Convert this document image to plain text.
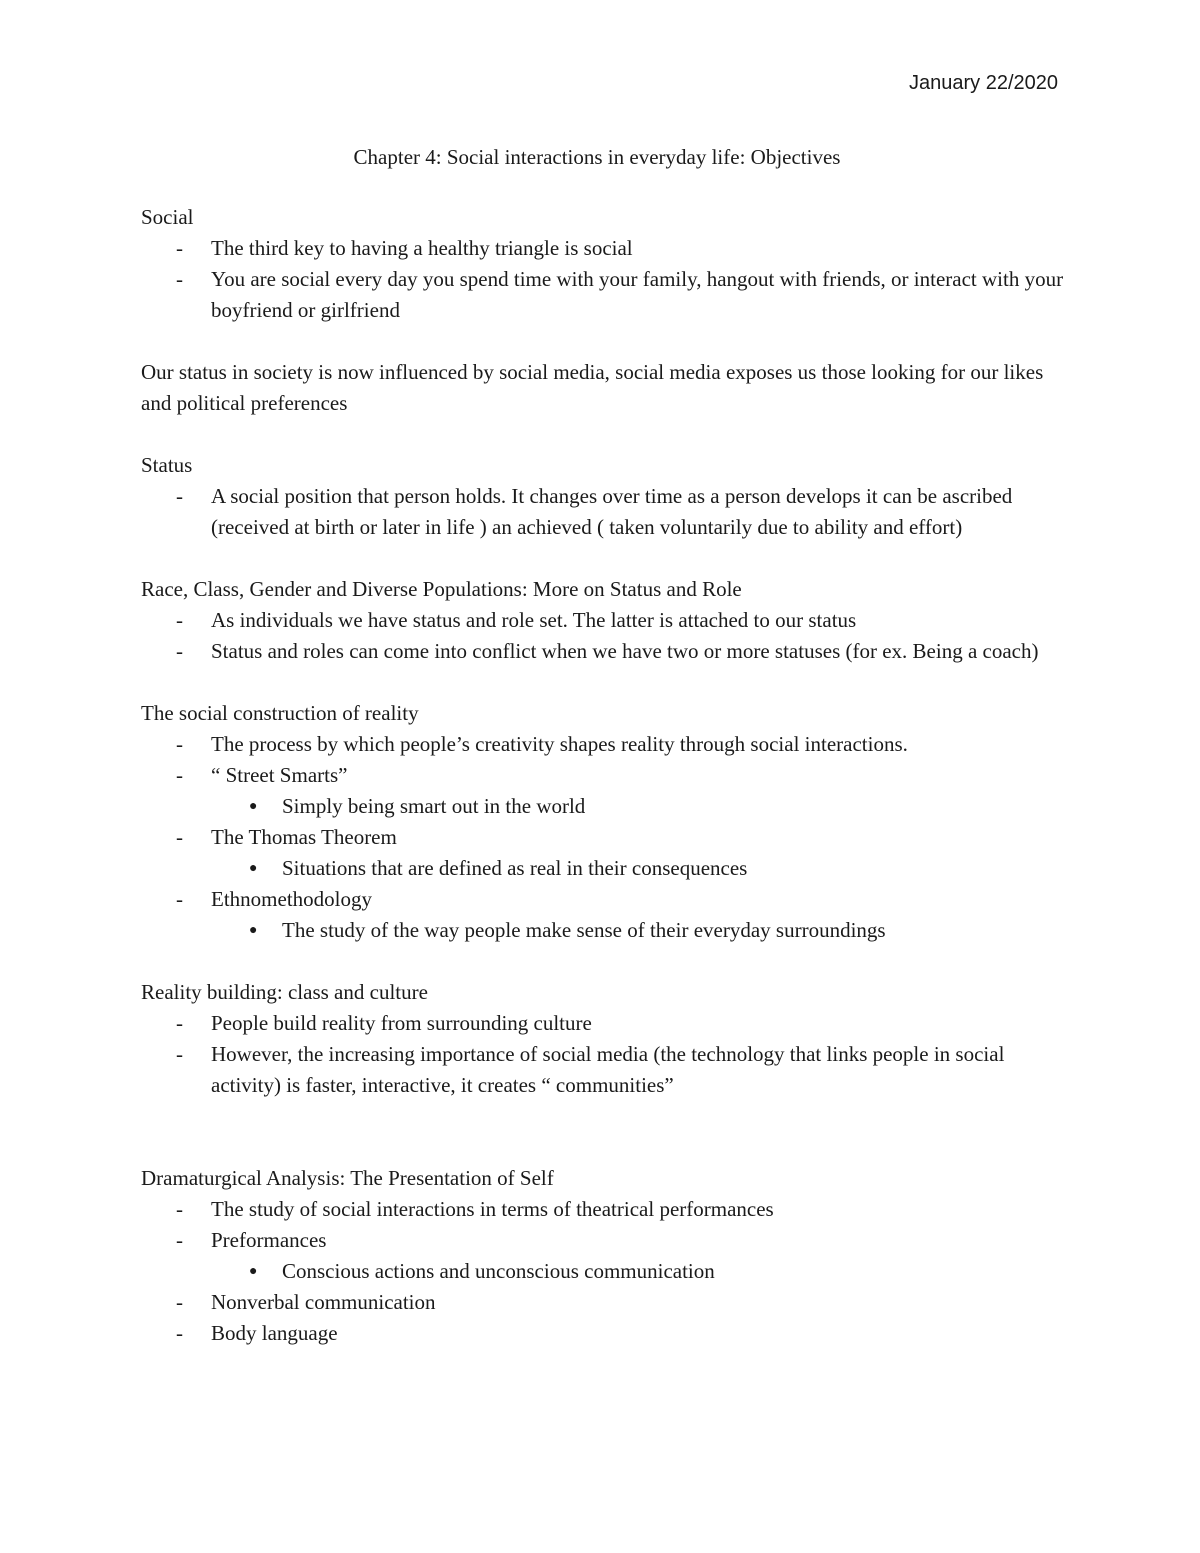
January 22/2020
Chapter 4: Social interactions in everyday life: Objectives
Social
- The third key to having a healthy triangle is social
- You are social every day you spend time with your family, hangout with friends, or interact with your boyfriend or girlfriend
Our status in society is now influenced by social media, social media exposes us those looking for our likes and political preferences
Status
- A social position that person holds. It changes over time as a person develops it can be ascribed (received at birth or later in life ) an achieved ( taken voluntarily due to ability and effort)
Race, Class, Gender and Diverse Populations: More on Status and Role
- As individuals we have status and role set. The latter is attached to our status
- Status and roles can come into conflict when we have two or more statuses (for ex. Being a coach)
The social construction of reality
- The process by which people’s creativity shapes reality through social interactions.
- “ Street Smarts”
● Simply being smart out in the world
- The Thomas Theorem
● Situations that are defined as real in their consequences
- Ethnomethodology
● The study of the way people make sense of their everyday surroundings
Reality building: class and culture
- People build reality from surrounding culture
- However, the increasing importance of social media (the technology that links people in social activity) is faster, interactive, it creates “ communities”
Dramaturgical Analysis: The Presentation of Self
- The study of social interactions in terms of theatrical performances
- Preformances
● Conscious actions and unconscious communication
- Nonverbal communication
- Body language
